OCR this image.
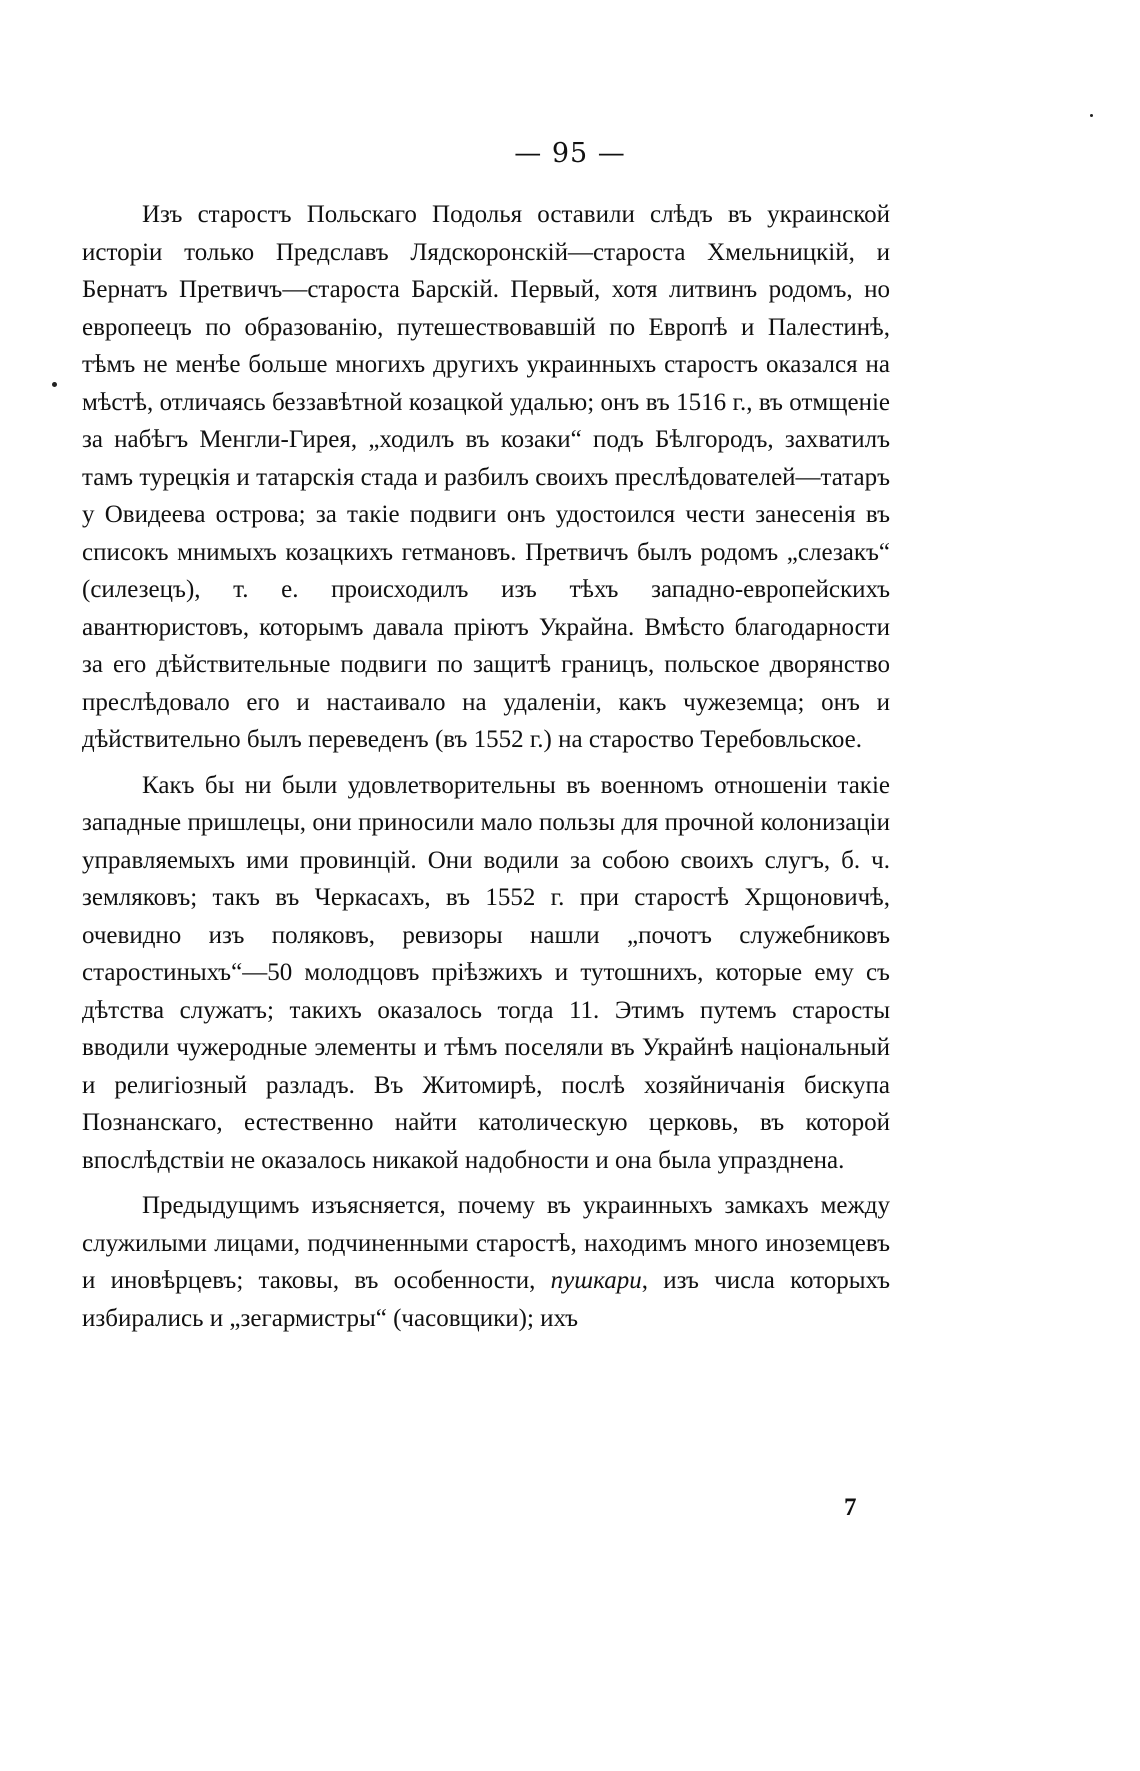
— 95 —

Изъ старостъ Польскаго Подолья оставили слѣдъ въ украинской исторіи только Предславъ Лядскоронскій—староста Хмельницкій, и Бернатъ Претвичъ—староста Барскій. Первый, хотя литвинъ родомъ, но европеецъ по образованію, путешествовавшій по Европѣ и Палестинѣ, тѣмъ не менѣе больше многихъ другихъ украинныхъ старостъ оказался на мѣстѣ, отличаясь беззавѣтной козацкой удалью; онъ въ 1516 г., въ отмщеніе за набѣгъ Менгли-Гирея, „ходилъ въ козаки“ подъ Бѣлгородъ, захватилъ тамъ турецкія и татарскія стада и разбилъ своихъ преслѣдователей—татаръ у Овидеева острова; за такіе подвиги онъ удостоился чести занесенія въ списокъ мнимыхъ козацкихъ гетмановъ. Претвичъ былъ родомъ „слезакъ“ (силезецъ), т. е. происходилъ изъ тѣхъ западно-европейскихъ авантюристовъ, которымъ давала пріютъ Украйна. Вмѣсто благодарности за его дѣйствительные подвиги по защитѣ границъ, польское дворянство преслѣдовало его и настаивало на удаленіи, какъ чужеземца; онъ и дѣйствительно былъ переведенъ (въ 1552 г.) на староство Теребовльское.

Какъ бы ни были удовлетворительны въ военномъ отношеніи такіе западные пришлецы, они приносили мало пользы для прочной колонизаціи управляемыхъ ими провинцій. Они водили за собою своихъ слугъ, б. ч. земляковъ; такъ въ Черкасахъ, въ 1552 г. при старостѣ Хрщоновичѣ, очевидно изъ поляковъ, ревизоры нашли „почотъ служебниковъ старостиныхъ“—50 молодцовъ пріѣзжихъ и тутошнихъ, которые ему съ дѣтства служатъ; такихъ оказалось тогда 11. Этимъ путемъ старосты вводили чужеродные элементы и тѣмъ поселяли въ Украйнѣ національный и религіозный разладъ. Въ Житомирѣ, послѣ хозяйничанія бискупа Познанскаго, естественно найти католическую церковь, въ которой впослѣдствіи не оказалось никакой надобности и она была упразднена.

Предыдущимъ изъясняется, почему въ украинныхъ замкахъ между служилыми лицами, подчиненными старостѣ, находимъ много иноземцевъ и иновѣрцевъ; таковы, въ особенности, пушкари, изъ числа которыхъ избирались и „зегармистры“ (часовщики); ихъ

7
